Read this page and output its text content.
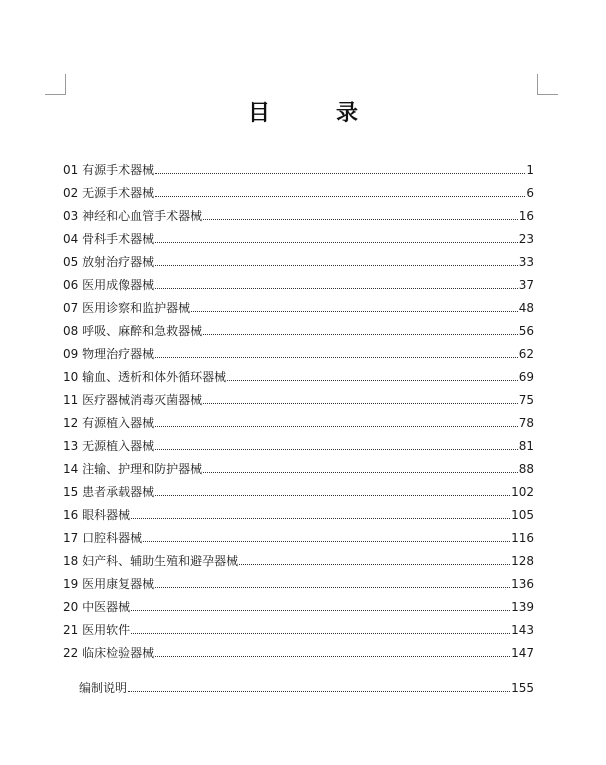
目　录
01 有源手术器械	1
02 无源手术器械	6
03 神经和心血管手术器械	16
04 骨科手术器械	23
05 放射治疗器械	33
06 医用成像器械	37
07 医用诊察和监护器械	48
08 呼吸、麻醉和急救器械	56
09 物理治疗器械	62
10 输血、透析和体外循环器械	69
11 医疗器械消毒灭菌器械	75
12 有源植入器械	78
13 无源植入器械	81
14 注输、护理和防护器械	88
15 患者承载器械	102
16 眼科器械	105
17 口腔科器械	116
18 妇产科、辅助生殖和避孕器械	128
19 医用康复器械	136
20 中医器械	139
21 医用软件	143
22 临床检验器械	147
编制说明	155
